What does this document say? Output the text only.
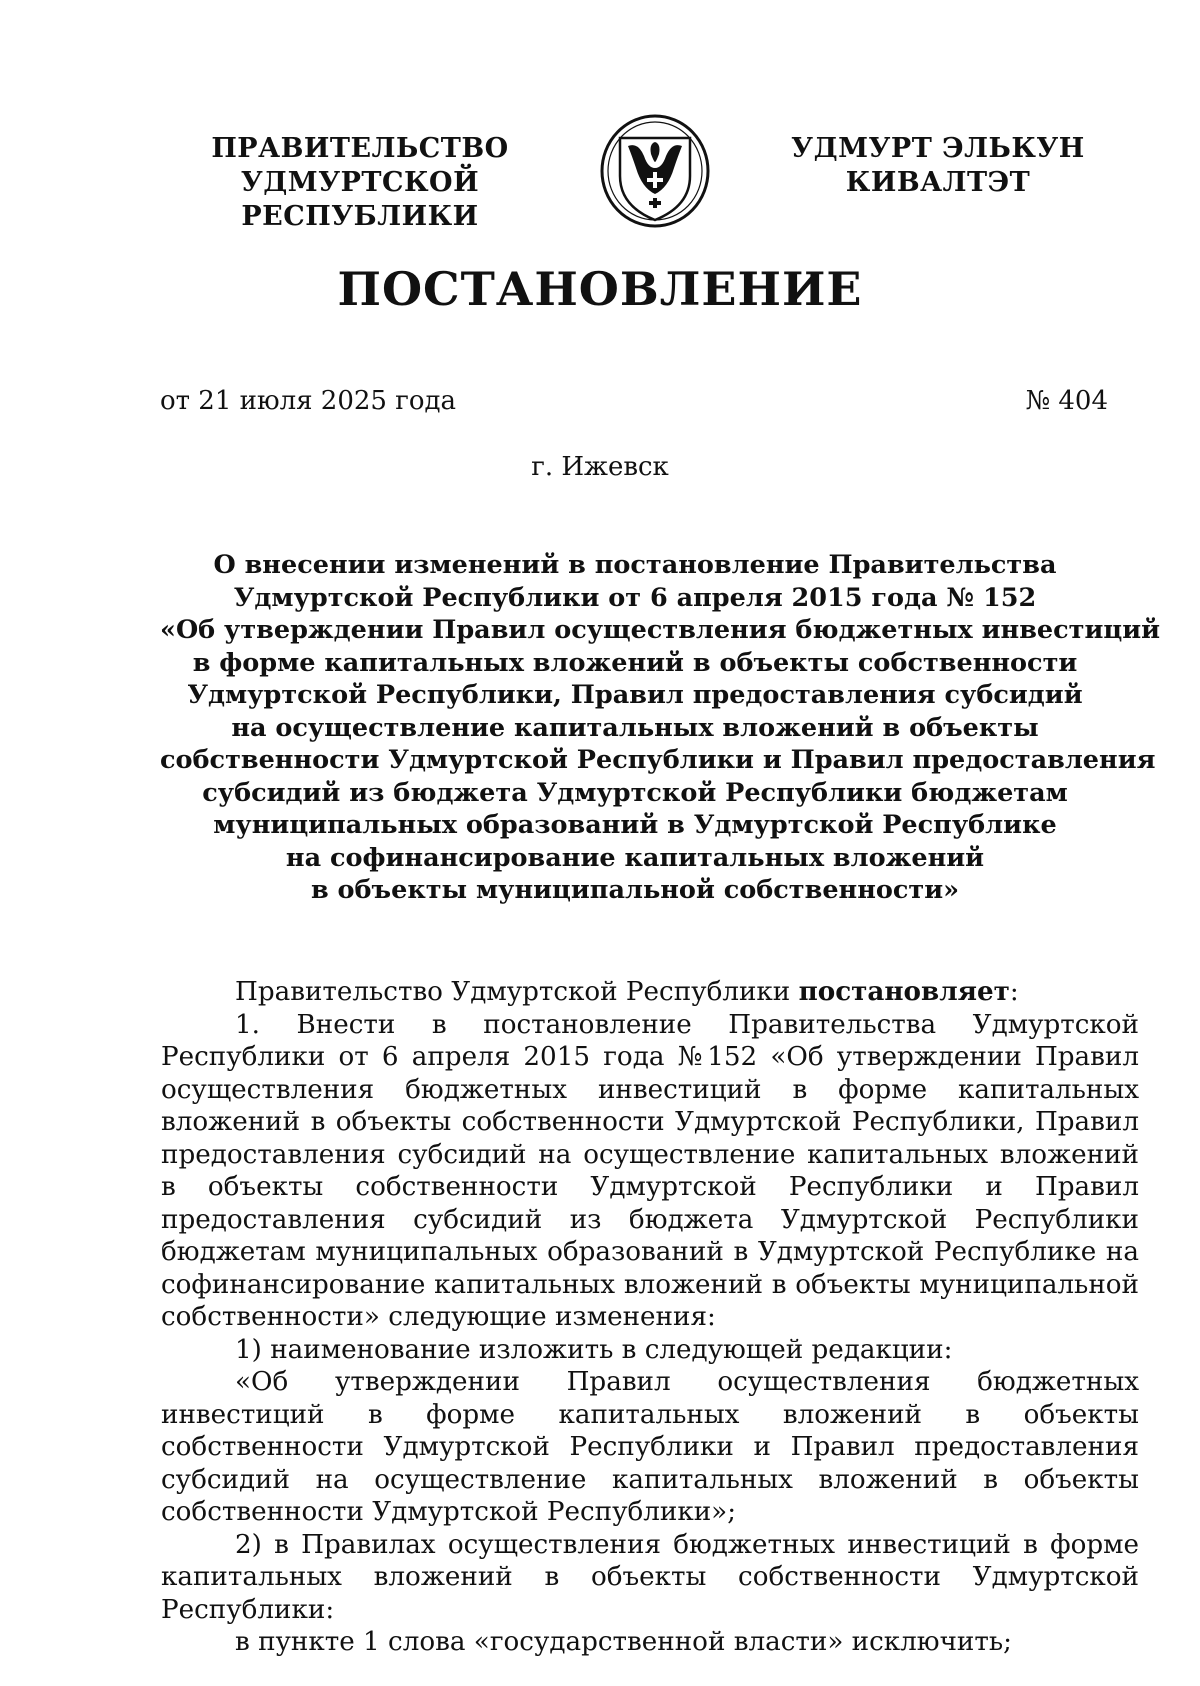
ПРАВИТЕЛЬСТВО
УДМУРТСКОЙ РЕСПУБЛИКИ
УДМУРТ ЭЛЬКУН
КИВАЛТЭТ
ПОСТАНОВЛЕНИЕ
от 21 июля 2025 года	№ 404
г. Ижевск
О внесении изменений в постановление Правительства
Удмуртской Республики от 6 апреля 2015 года № 152
«Об утверждении Правил осуществления бюджетных инвестиций
в форме капитальных вложений в объекты собственности
Удмуртской Республики, Правил предоставления субсидий
на осуществление капитальных вложений в объекты
собственности Удмуртской Республики и Правил предоставления
субсидий из бюджета Удмуртской Республики бюджетам
муниципальных образований в Удмуртской Республике
на софинансирование капитальных вложений
в объекты муниципальной собственности»
Правительство Удмуртской Республики постановляет:
1. Внести в постановление Правительства Удмуртской Республики от 6 апреля 2015 года №152 «Об утверждении Правил осуществления бюджетных инвестиций в форме капитальных вложений в объекты собственности Удмуртской Республики, Правил предоставления субсидий на осуществление капитальных вложений в объекты собственности Удмуртской Республики и Правил предоставления субсидий из бюджета Удмуртской Республики бюджетам муниципальных образований в Удмуртской Республике на софинансирование капитальных вложений в объекты муниципальной собственности» следующие изменения:
1) наименование изложить в следующей редакции:
«Об утверждении Правил осуществления бюджетных инвестиций в форме капитальных вложений в объекты собственности Удмуртской Республики и Правил предоставления субсидий на осуществление капитальных вложений в объекты собственности Удмуртской Республики»;
2) в Правилах осуществления бюджетных инвестиций в форме капитальных вложений в объекты собственности Удмуртской Республики:
в пункте 1 слова «государственной власти» исключить;
